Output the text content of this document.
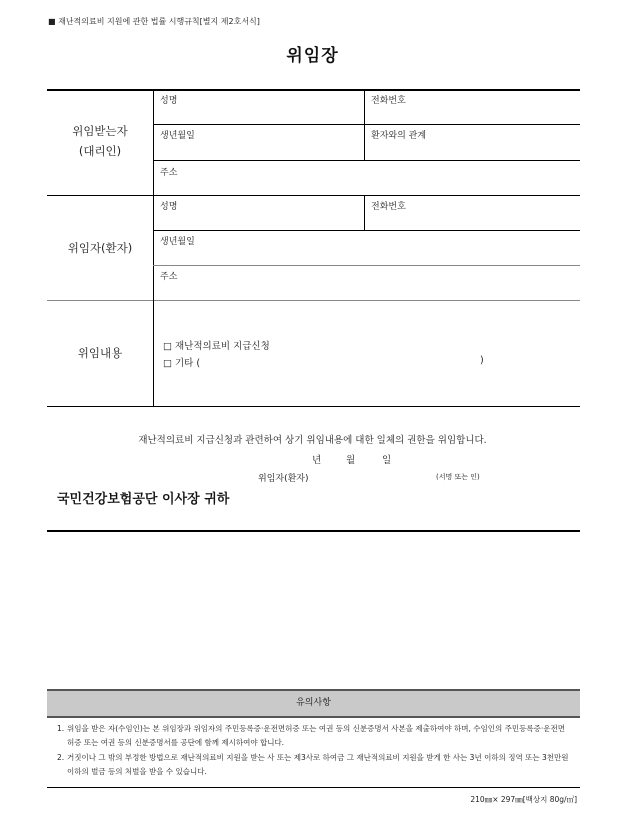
■ 재난적의료비 지원에 관한 법률 시행규칙[별지 제2호서식]
위임장
위임받는자
(대리인)
성명	전화번호
생년월일	환자와의 관계
주소
위임자(환자)
성명	전화번호
생년월일
주소
위임내용	□ 재난적의료비 지급신청
□ 기타 (	)
재난적의료비 지급신청과 관련하여 상기 위임내용에 대한 일체의 권한을 위임합니다.
년	월	일
위임자(환자)	(서명 또는 인)
국민건강보험공단 이사장 귀하
유의사항
1. 위임을 받은 자(수임인)는 본 위임장과 위임자의 주민등록증·운전면허증 또는 여권 등의 신분증명서 사본을 제출하여야 하며, 수임인의 주민등록증·운전면허증 또는 여권 등의 신분증명서를 공단에 함께 제시하여야 합니다.
2. 거짓이나 그 밖의 부정한 방법으로 재난적의료비 지원을 받는 사 또는 제3사로 하여금 그 재난적의료비 지원을 받게 한 사는 3년 이하의 징역 또는 3천만원 이하의 벌금 등의 처벌을 받을 수 있습니다.
210㎜× 297㎜[백상지 80g/㎡]
